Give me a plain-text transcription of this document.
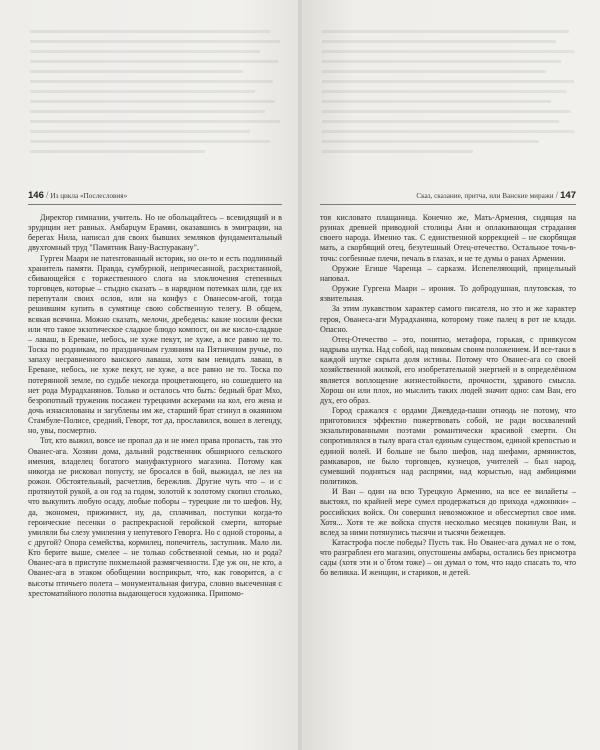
146 / Из цикла «Послесловия»

Директор гимназии, учитель. Но не обольщайтесь – всевидящий и в эрудиции нет равных. Амбарцум Ерамян, оказавшись в эмиграции, на берегах Нила, написал для своих бывших земляков фундаментальный двухтомный труд "Памятник Вану-Васпуракану".

Гурген Маари не патентованный историк, но он-то и есть подлинный хранитель памяти. Правда, сумбурной, непричесанной, расхристанной, сбивающейся с торжественного слога на злоключения степенных торговцев, которые – стыдно сказать – в нарядном потемках шли, где их перепутали своих ослов, или на конфуз с Ованесом-агой, тогда решившим купить в сумятице свою собственную телегу. В общем, всякая всячина. Можно сказать, мелочи, дребедень: какие носили фески или что такое экзотическое сладкое блюдо компост, он же кисло-сладкое – лаваш, в Ереване, небось, не хуже пекут, не хуже, а все равно не то. Тоска по родникам, по праздничным гуляниям на Пятничном ручье, по запаху несравненного ванского лаваша, хотя вам невидать лаваш, в Ереване, небось, не хуже пекут, не хуже, а все равно не то. Тоска по потерянной земле, по судьбе некогда процветающего, но сошедшего на нет рода Мурадханянов. Только и осталось что быть: бедный брат Мхо, безропотный труженик посажен турецкими аскерами на кол, его жена и дочь изнасилованы и загублены им же, старший брат сгинул в окаянном Стамбуле-Полисе, средний, Геворг, тот да, прославился, вошел в легенду, но, увы, посмертно.

Тот, кто выжил, вовсе не пропал да и не имел права пропасть, так это Ованес-ага. Хозяин дома, дальний родственник обширного сельского имения, владелец богатого мануфактурного магазина. Потому как никогда не рисковал попусту, не бросался в бой, выжидал, не лез на рожон. Обстоятельный, расчетлив, бережлив. Другие чуть что – и с протянутой рукой, а он год за годом, золотой к золотому скопил столько, что выкупить любую осаду, любые поборы – турецкие ли то шефов. Ну, да, экономен, прижимист, ну, да, сплачивал, поступки когда-то героические песенки о распрекрасной геройской смерти, которые умиляли бы слезу умиления у непутевого Геворга. Но с одной стороны, а с другой? Опора семейства, кормилец, попечитель, заступник. Мало ли. Кто берите выше, смелее – не только собственной семьи, но и рода? Ованес-ага в приступе похмельной размягченности. Где уж он, не кто, а Ованес-ага в этаком обобщении восприкрыт, что, как говорится, а с высоты птичьего полета – монументальная фигура, словно высеченная с хрестоматийного полотна выдающегося художника. Припомо-

Сказ, сказание, притча, или Ванские миражи / 147

тоя кисловато плащаница. Конечно же, Мать-Армения, сидящая на руинах древней приводной столицы Ани и оплакивающая страдания своего народа. Именно так. С единственной коррекцией – не скорбящая мать, а скорбящий отец, безутешный Отец-отечество. Остальное точь-в-точь: согбенные плечи, печаль в глазах, и не те думы о ранах Армении.

Оружие Егише Чаренца – сарказм. Испепеляющий, прицельный наповал.

Оружие Гургена Маари – ирония. То добродушная, плутовская, то язвительная.

За этим лукавством характер самого писателя, но это и же характер героя, Ованеса-аги Мурадханяна, которому тоже палец в рот не клади. Опасно.

Отец-Отечество – это, понятно, метафора, горькая, с привкусом надрыва шутка. Над собой, над пиковым своим положением. И все-таки в каждой шутке скрыта доля истины. Потому что Ованес-ага со своей хозяйственной жилкой, его изобретательной энергией и в определённом является воплощение жизнестойкости, прочности, здравого смысла. Хорош он или плох, но мыслить таких людей значит одно: сам Ван, его дух, его образ.

Город сражался с ордами Джевдеда-паши отнюдь не потому, что приготовился эффектно пожертвовать собой, не ради восхвалений экзальтированными поэтами романтически красивой смерти. Он сопротивлялся в тылу врага стал единым существом, единой крепостью и единой волей. И больше не было шефов, над шефами, армянистов, рамкаваров, не было торговцев, кузнецов, учителей – был народ, сумевший подняться над распрями, над корыстью, над амбициями политиков.

И Ван – один на всю Турецкую Армению, на все ее вилайеты – выстоял, по крайней мере сумел продержаться до прихода «джоннки» – российских войск. Он совершил невозможное и обессмертил свое имя. Хотя... Хотя те же войска спустя несколько месяцев покинули Ван, и вслед за ними потянулись тысячи и тысячи беженцев.

Катастрофа после победы? Пусть так. Но Ованес-ага думал не о том, что разграблен его магазин, опустошены амбары, остались без присмотра сады (хотя эти и о`бтом тоже) – он думал о том, что надо спасать то, что бо великка. И женщин, и стариков, и детей.
